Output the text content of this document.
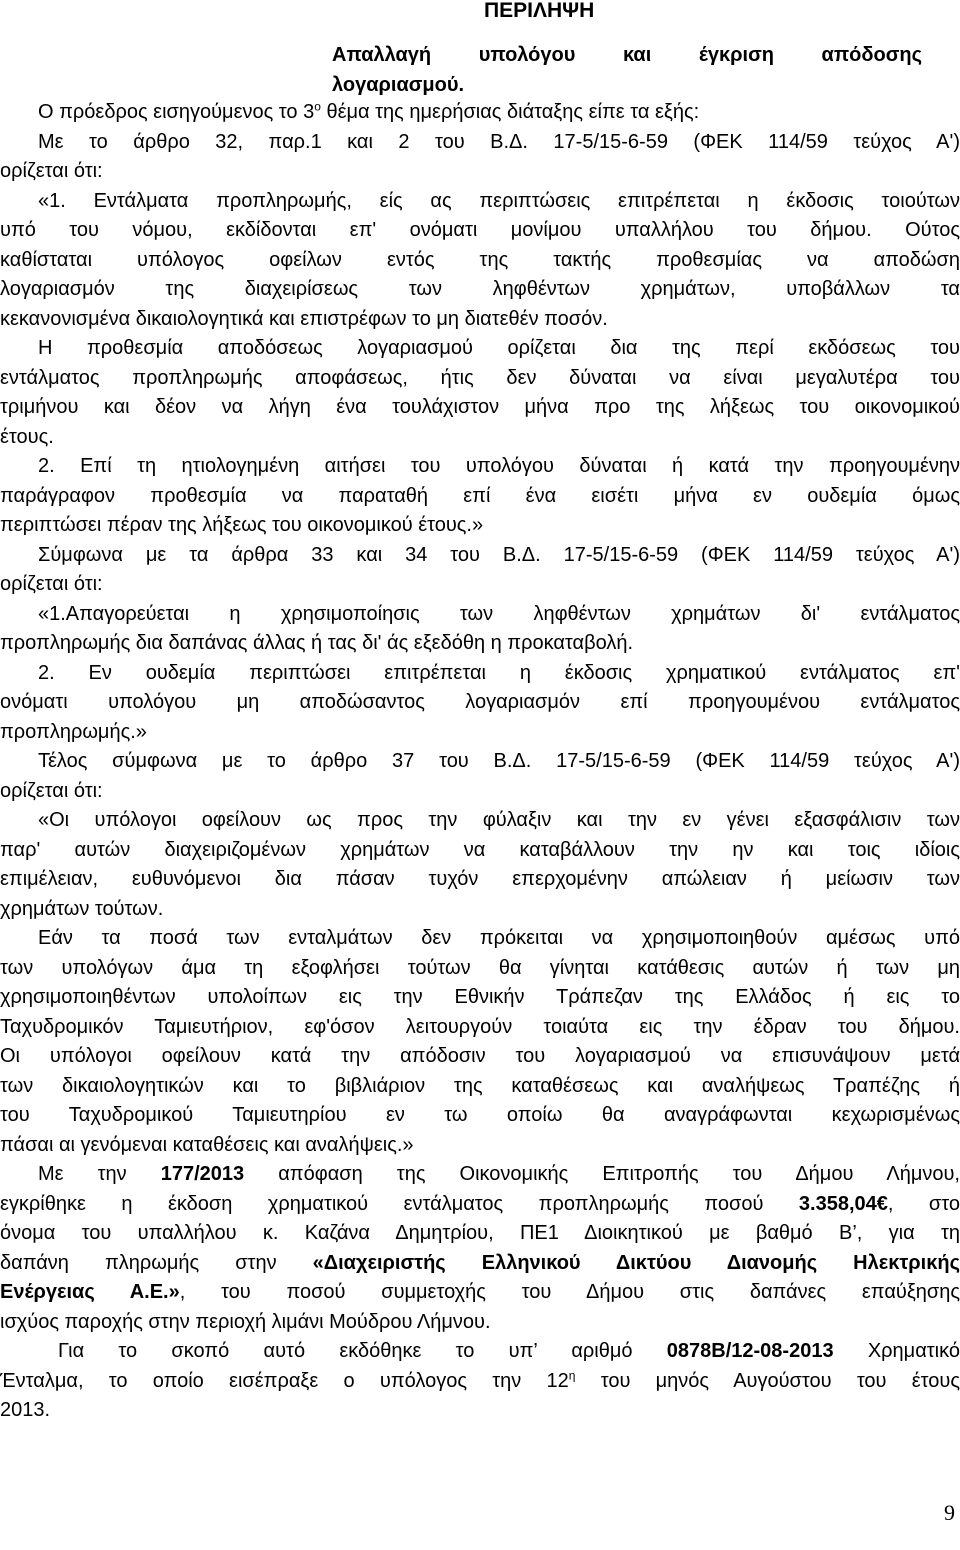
ΠΕΡΙΛΗΨΗ
Απαλλαγή υπολόγου και έγκριση απόδοσης
λογαριασμού.
Ο πρόεδρος εισηγούμενος το $3^o$ θέμα της ημερήσιας διάταξης είπε τα εξής:
Με το άρθρο 32, παρ.1 και 2 του Β.Δ. 17-5/15-6-59 (ΦΕΚ 114/59 τεύχος Α')
ορίζεται ότι:
«1. Εντάλματα προπληρωμής, είς ας περιπτώσεις επιτρέπεται η έκδοσις τοιούτων
υπό του νόμου, εκδίδονται επ' ονόματι μονίμου υπαλλήλου του δήμου. Ούτος
καθίσταται υπόλογος οφείλων εντός της τακτής προθεσμίας να αποδώση
λογαριασμόν της διαχειρίσεως των ληφθέντων χρημάτων, υποβάλλων τα
κεκανονισμένα δικαιολογητικά και επιστρέφων το μη διατεθέν ποσόν.
Η προθεσμία αποδόσεως λογαριασμού ορίζεται δια της περί εκδόσεως του
εντάλματος προπληρωμής αποφάσεως, ήτις δεν δύναται να είναι μεγαλυτέρα του
τριμήνου και δέον να λήγη ένα τουλάχιστον μήνα προ της λήξεως του οικονομικού
έτους.
2. Επί τη ητιολογημένη αιτήσει του υπολόγου δύναται ή κατά την προηγουμένην
παράγραφον προθεσμία να παραταθή επί ένα εισέτι μήνα εν ουδεμία όμως
περιπτώσει πέραν της λήξεως του οικονομικού έτους.»
Σύμφωνα με τα άρθρα 33 και 34 του Β.Δ. 17-5/15-6-59 (ΦΕΚ 114/59 τεύχος Α')
ορίζεται ότι:
«1.Απαγορεύεται η χρησιμοποίησις των ληφθέντων χρημάτων δι' εντάλματος
προπληρωμής δια δαπάνας άλλας ή τας δι' άς εξεδόθη η προκαταβολή.
2. Εν ουδεμία περιπτώσει επιτρέπεται η έκδοσις χρηματικού εντάλματος επ'
ονόματι υπολόγου μη αποδώσαντος λογαριασμόν επί προηγουμένου εντάλματος
προπληρωμής.»
Τέλος σύμφωνα με το άρθρο 37 του Β.Δ. 17-5/15-6-59 (ΦΕΚ 114/59 τεύχος Α')
ορίζεται ότι:
«Οι υπόλογοι οφείλουν ως προς την φύλαξιν και την εν γένει εξασφάλισιν των
παρ' αυτών διαχειριζομένων χρημάτων να καταβάλλουν την ην και τοις ιδίοις
επιμέλειαν, ευθυνόμενοι δια πάσαν τυχόν επερχομένην απώλειαν ή μείωσιν των
χρημάτων τούτων.
Εάν τα ποσά των ενταλμάτων δεν πρόκειται να χρησιμοποιηθούν αμέσως υπό
των υπολόγων άμα τη εξοφλήσει τούτων θα γίνηται κατάθεσις αυτών ή των μη
χρησιμοποιηθέντων υπολοίπων εις την Εθνικήν Τράπεζαν της Ελλάδος ή εις το
Ταχυδρομικόν Ταμιευτήριον, εφ'όσον λειτουργούν τοιαύτα εις την έδραν του δήμου.
Οι υπόλογοι οφείλουν κατά την απόδοσιν του λογαριασμού να επισυνάψουν μετά
των δικαιολογητικών και το βιβλιάριον της καταθέσεως και αναλήψεως Τραπέζης ή
του Ταχυδρομικού Ταμιευτηρίου εν τω οποίω θα αναγράφωνται κεχωρισμένως
πάσαι αι γενόμεναι καταθέσεις και αναλήψεις.»
Με την 177/2013 απόφαση της Οικονομικής Επιτροπής του Δήμου Λήμνου,
εγκρίθηκε η έκδοση χρηματικού εντάλματος προπληρωμής ποσού 3.358,04€, στο
όνομα του υπαλλήλου κ. Καζάνα Δημητρίου, ΠΕ1 Διοικητικού με βαθμό Β’, για τη
δαπάνη πληρωμής στην «Διαχειριστής Ελληνικού Δικτύου Διανομής Ηλεκτρικής
Ενέργειας Α.Ε.», του ποσού συμμετοχής του Δήμου στις δαπάνες επαύξησης
ισχύος παροχής στην περιοχή λιμάνι Μούδρου Λήμνου.
Για το σκοπό αυτό εκδόθηκε το υπ’ αριθμό 0878Β/12-08-2013 Χρηματικό
Ένταλμα, το οποίο εισέπραξε ο υπόλογος την $12^\eta$ του μηνός Αυγούστου του έτους
2013.
9
